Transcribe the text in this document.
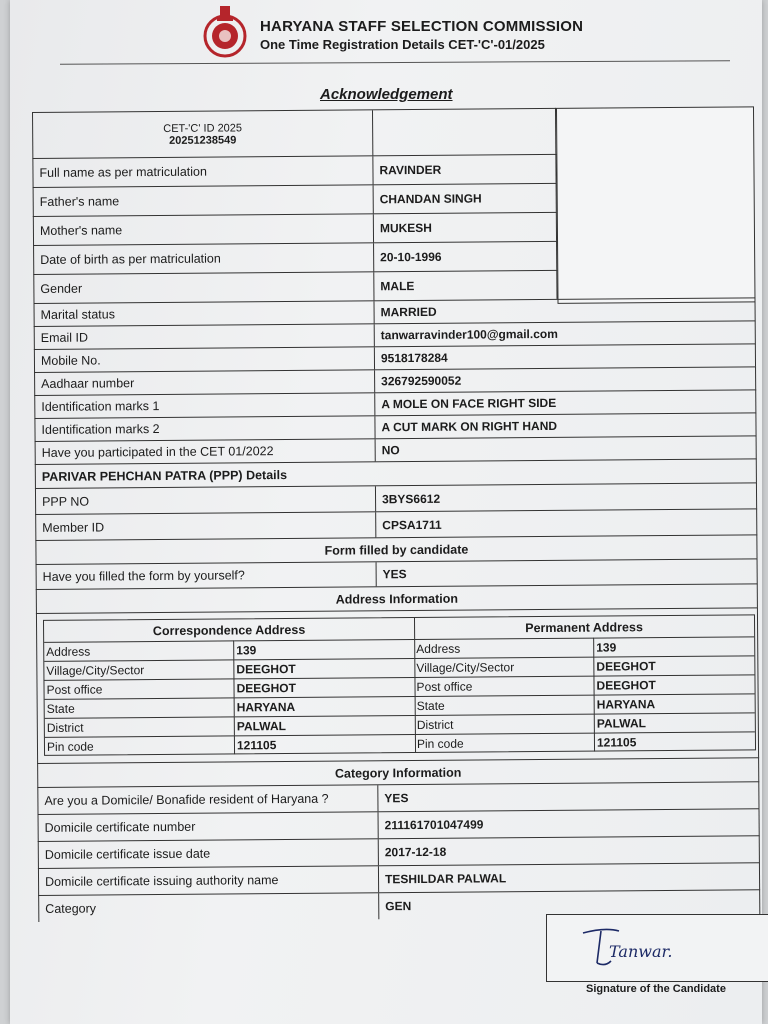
HARYANA STAFF SELECTION COMMISSION
One Time Registration Details CET-'C'-01/2025
Acknowledgement
CET-'C' ID 2025
20251238549
Full name as per matriculation	RAVINDER
Father's name	CHANDAN SINGH
Mother's name	MUKESH
Date of birth as per matriculation	20-10-1996
Gender	MALE
Marital status	MARRIED
Email ID	tanwarravinder100@gmail.com
Mobile No.	9518178284
Aadhaar number	326792590052
Identification marks 1	A MOLE ON FACE RIGHT SIDE
Identification marks 2	A CUT MARK ON RIGHT HAND
Have you participated in the CET 01/2022	NO
PARIVAR PEHCHAN PATRA (PPP) Details
PPP NO	3BYS6612
Member ID	CPSA1711
Form filled by candidate
Have you filled the form by yourself?	YES
Address Information
Correspondence Address
Address	139
Village/City/Sector	DEEGHOT
Post office	DEEGHOT
State	HARYANA
District	PALWAL
Pin code	121105
Permanent Address
Address	139
Village/City/Sector	DEEGHOT
Post office	DEEGHOT
State	HARYANA
District	PALWAL
Pin code	121105
Category Information
Are you a Domicile/ Bonafide resident of Haryana ?	YES
Domicile certificate number	211161701047499
Domicile certificate issue date	2017-12-18
Domicile certificate issuing authority name	TESHILDAR PALWAL
Category	GEN
Tanwar.
Signature of the Candidate
